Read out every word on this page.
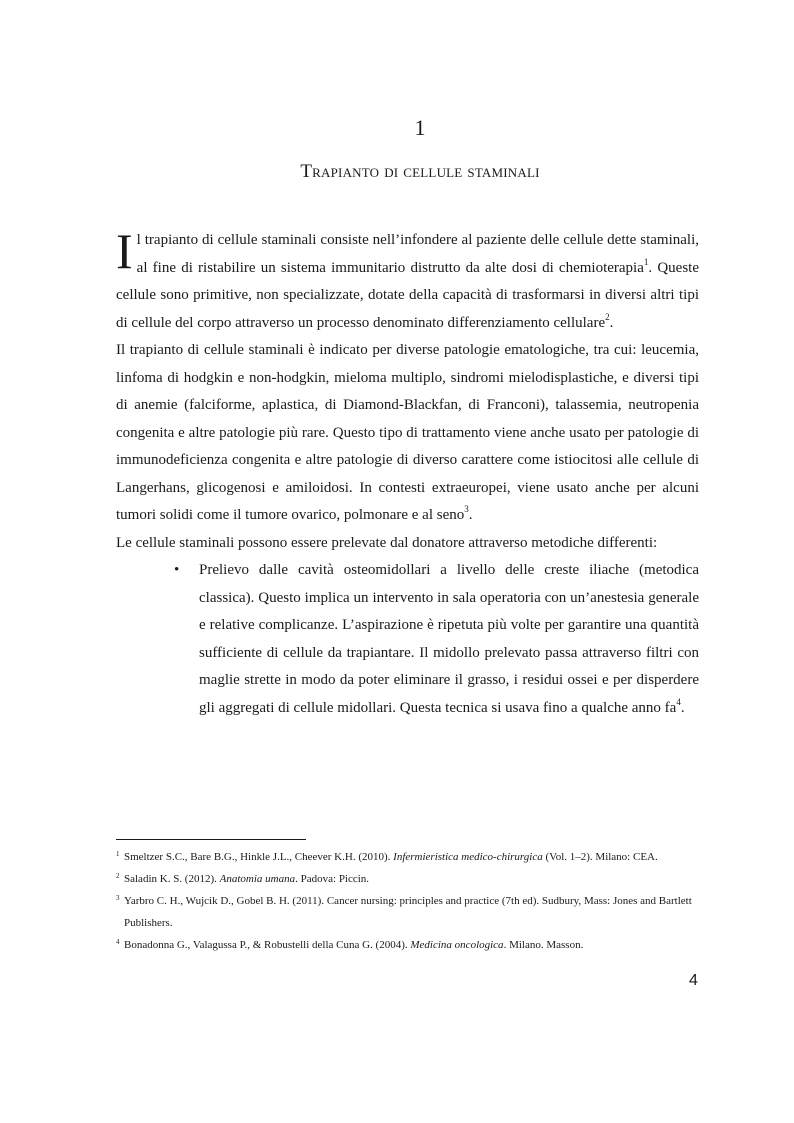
1
Trapianto di cellule staminali

Il trapianto di cellule staminali consiste nell’infondere al paziente delle cellule dette staminali, al fine di ristabilire un sistema immunitario distrutto da alte dosi di chemioterapia$^1$. Queste cellule sono primitive, non specializzate, dotate della capacità di trasformarsi in diversi altri tipi di cellule del corpo attraverso un processo denominato differenziamento cellulare$^2$.

Il trapianto di cellule staminali è indicato per diverse patologie ematologiche, tra cui: leucemia, linfoma di hodgkin e non-hodgkin, mieloma multiplo, sindromi mielodisplastiche, e diversi tipi di anemie (falciforme, aplastica, di Diamond-Blackfan, di Franconi), talassemia, neutropenia congenita e altre patologie più rare. Questo tipo di trattamento viene anche usato per patologie di immunodeficienza congenita e altre patologie di diverso carattere come istiocitosi alle cellule di Langerhans, glicogenosi e amiloidosi. In contesti extraeuropei, viene usato anche per alcuni tumori solidi come il tumore ovarico, polmonare e al seno$^3$.

Le cellule staminali possono essere prelevate dal donatore attraverso metodiche differenti:

• Prelievo dalle cavità osteomidollari a livello delle creste iliache (metodica classica). Questo implica un intervento in sala operatoria con un’anestesia generale e relative complicanze. L’aspirazione è ripetuta più volte per garantire una quantità sufficiente di cellule da trapiantare. Il midollo prelevato passa attraverso filtri con maglie strette in modo da poter eliminare il grasso, i residui ossei e per disperdere gli aggregati di cellule midollari. Questa tecnica si usava fino a qualche anno $fa^4$.
1 Smeltzer S.C., Bare B.G., Hinkle J.L., Cheever K.H. (2010). Infermieristica medico-chirurgica (Vol. 1–2). Milano: CEA.
2 Saladin K. S. (2012). Anatomia umana. Padova: Piccin.
3 Yarbro C. H., Wujcik D., Gobel B. H. (2011). Cancer nursing: principles and practice (7th ed). Sudbury, Mass: Jones and Bartlett Publishers.
4 Bonadonna G., Valagussa P., & Robustelli della Cuna G. (2004). Medicina oncologica. Milano. Masson.
4
